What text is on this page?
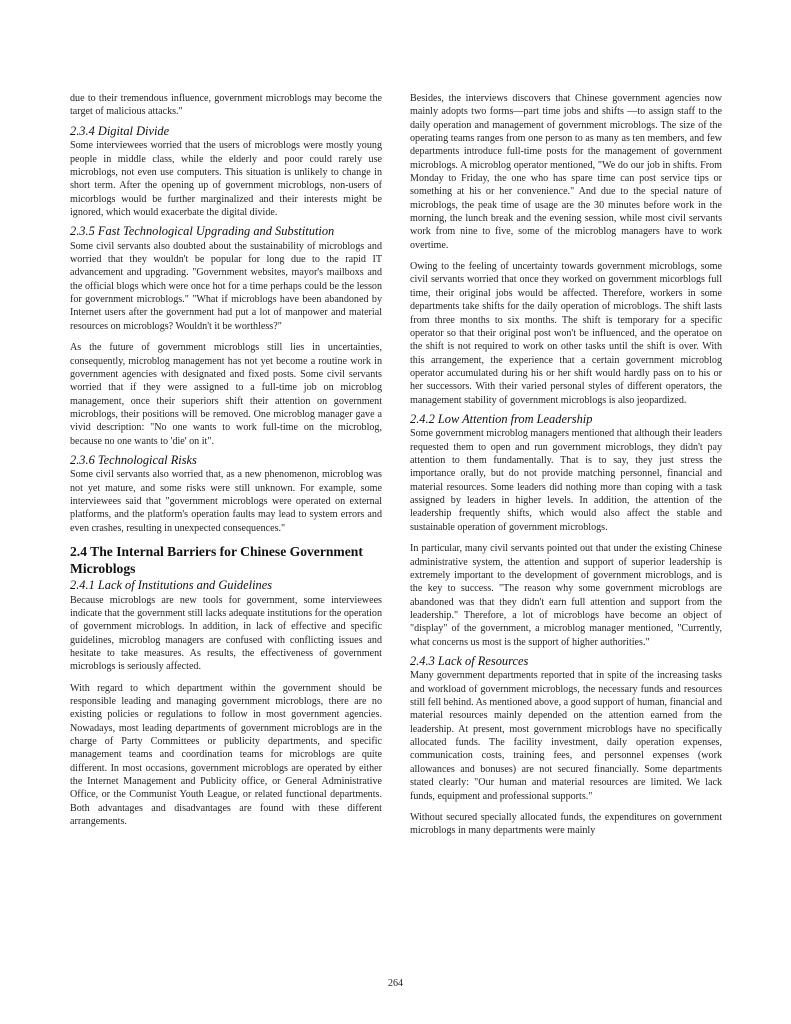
due to their tremendous influence, government microblogs may become the target of malicious attacks."

2.3.4 Digital Divide

Some interviewees worried that the users of microblogs were mostly young people in middle class, while the elderly and poor could rarely use microblogs, not even use computers. This situation is unlikely to change in short term. After the opening up of government microblogs, non-users of micorblogs would be further marginalized and their interests might be ignored, which would exacerbate the digital divide.

2.3.5 Fast Technological Upgrading and Substitution

Some civil servants also doubted about the sustainability of microblogs and worried that they wouldn't be popular for long due to the rapid IT advancement and upgrading. "Government websites, mayor's mailboxs and the official blogs which were once hot for a time perhaps could be the lesson for government microblogs." "What if microblogs have been abandoned by Internet users after the government had put a lot of manpower and material resources on microblogs? Wouldn't it be worthless?"

As the future of government microblogs still lies in uncertainties, consequently, microblog management has not yet become a routine work in government agencies with designated and fixed posts. Some civil servants worried that if they were assigned to a full-time job on microblog management, once their superiors shift their attention on government microblogs, their positions will be removed. One microblog manager gave a vivid description: "No one wants to work full-time on the microblog, because no one wants to 'die' on it".

2.3.6 Technological Risks

Some civil servants also worried that, as a new phenomenon, microblog was not yet mature, and some risks were still unknown. For example, some interviewees said that "government microblogs were operated on external platforms, and the platform's operation faults may lead to system errors and even crashes, resulting in unexpected consequences."

2.4 The Internal Barriers for Chinese Government Microblogs
2.4.1 Lack of Institutions and Guidelines

Because microblogs are new tools for government, some interviewees indicate that the government still lacks adequate institutions for the operation of government microblogs. In addition, in lack of effective and specific guidelines, microblog managers are confused with conflicting issues and hesitate to take measures. As results, the effectiveness of government microblogs is seriously affected.

With regard to which department within the government should be responsible leading and managing government microblogs, there are no existing policies or regulations to follow in most government agencies. Nowadays, most leading departments of government microblogs are in the charge of Party Committees or publicity departments, and specific management teams and coordination teams for microblogs are quite different. In most occasions, government microblogs are operated by either the Internet Management and Publicity office, or General Administrative Office, or the Communist Youth League, or related functional departments. Both advantages and disadvantages are found with these different arrangements.

Besides, the interviews discovers that Chinese government agencies now mainly adopts two forms—part time jobs and shifts —to assign staff to the daily operation and management of government microblogs. The size of the operating teams ranges from one person to as many as ten members, and few departments introduce full-time posts for the management of government microblogs. A microblog operator mentioned, "We do our job in shifts. From Monday to Friday, the one who has spare time can post service tips or something at his or her convenience." And due to the special nature of microblogs, the peak time of usage are the 30 minutes before work in the morning, the lunch break and the evening session, while most civil servants work from nine to five, some of the microblog managers have to work overtime.

Owing to the feeling of uncertainty towards government microblogs, some civil servants worried that once they worked on government micorblogs full time, their original jobs would be affected. Therefore, workers in some departments take shifts for the daily operation of microblogs. The shift lasts from three months to six months. The shift is temporary for a specific operator so that their original post won't be influenced, and the operatoe on the shift is not required to work on other tasks until the shift is over. With this arrangement, the experience that a certain government microblog operator accumulated during his or her shift would hardly pass on to his or her successors. With their varied personal styles of different operators, the management stability of government microblogs is also jeopardized.

2.4.2 Low Attention from Leadership

Some government microblog managers mentioned that although their leaders requested them to open and run government microblogs, they didn't pay attention to them fundamentally. That is to say, they just stress the importance orally, but do not provide matching personnel, financial and material resources. Some leaders did nothing more than coping with a task assigned by leaders in higher levels. In addition, the attention of the leadership frequently shifts, which would also affect the stable and sustainable operation of government microblogs.

In particular, many civil servants pointed out that under the existing Chinese administrative system, the attention and support of superior leadership is extremely important to the development of government microblogs, and is the key to success. "The reason why some government microblogs are abandoned was that they didn't earn full attention and support from the leadership." Therefore, a lot of microblogs have become an object of "display" of the government, a microblog manager mentioned, "Currently, what concerns us most is the support of higher authorities."

2.4.3 Lack of Resources

Many government departments reported that in spite of the increasing tasks and workload of government microblogs, the necessary funds and resources still fell behind. As mentioned above, a good support of human, financial and material resources mainly depended on the attention earned from the leadership. At present, most government microblogs have no specifically allocated funds. The facility investment, daily operation expenses, communication costs, training fees, and personnel expenses (work allowances and bonuses) are not secured financially. Some departments stated clearly: "Our human and material resources are limited. We lack funds, equipment and professional supports."

Without secured specially allocated funds, the expenditures on government microblogs in many departments were mainly

264
